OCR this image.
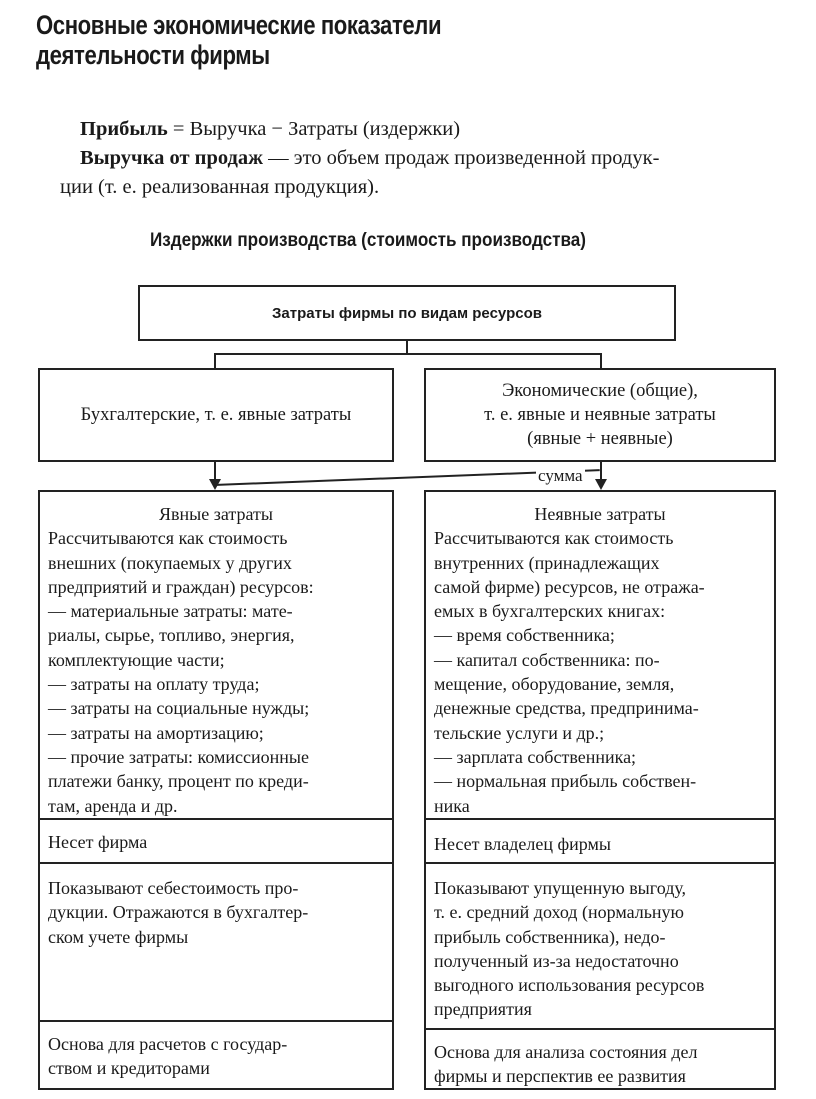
Основные экономические показатели
деятельности фирмы

Прибыль = Выручка − Затраты (издержки)

Выручка от продаж — это объем продаж произведенной продук-

ции (т. е. реализованная продукция).

Издержки производства (стоимость производства)
Затраты фирмы по видам ресурсов
Бухгалтерские, т. е. явные затраты
Экономические (общие),
т. е. явные и неявные затраты
(явные + неявные)
сумма
Явные затраты
Рассчитываются как стоимость
внешних (покупаемых у других
предприятий и граждан) ресурсов:
— материальные затраты: мате-
риалы, сырье, топливо, энергия,
комплектующие части;
— затраты на оплату труда;
— затраты на социальные нужды;
— затраты на амортизацию;
— прочие затраты: комиссионные
платежи банку, процент по креди-
там, аренда и др.
Несет фирма
Показывают себестоимость про-
дукции. Отражаются в бухгалтер-
ском учете фирмы
Основа для расчетов с государ-
ством и кредиторами
Неявные затраты
Рассчитываются как стоимость
внутренних (принадлежащих
самой фирме) ресурсов, не отража-
емых в бухгалтерских книгах:
— время собственника;
— капитал собственника: по-
мещение, оборудование, земля,
денежные средства, предпринима-
тельские услуги и др.;
— зарплата собственника;
— нормальная прибыль собствен-
ника
Несет владелец фирмы
Показывают упущенную выгоду,
т. е. средний доход (нормальную
прибыль собственника), недо-
полученный из-за недостаточно
выгодного использования ресурсов
предприятия
Основа для анализа состояния дел
фирмы и перспектив ее развития
